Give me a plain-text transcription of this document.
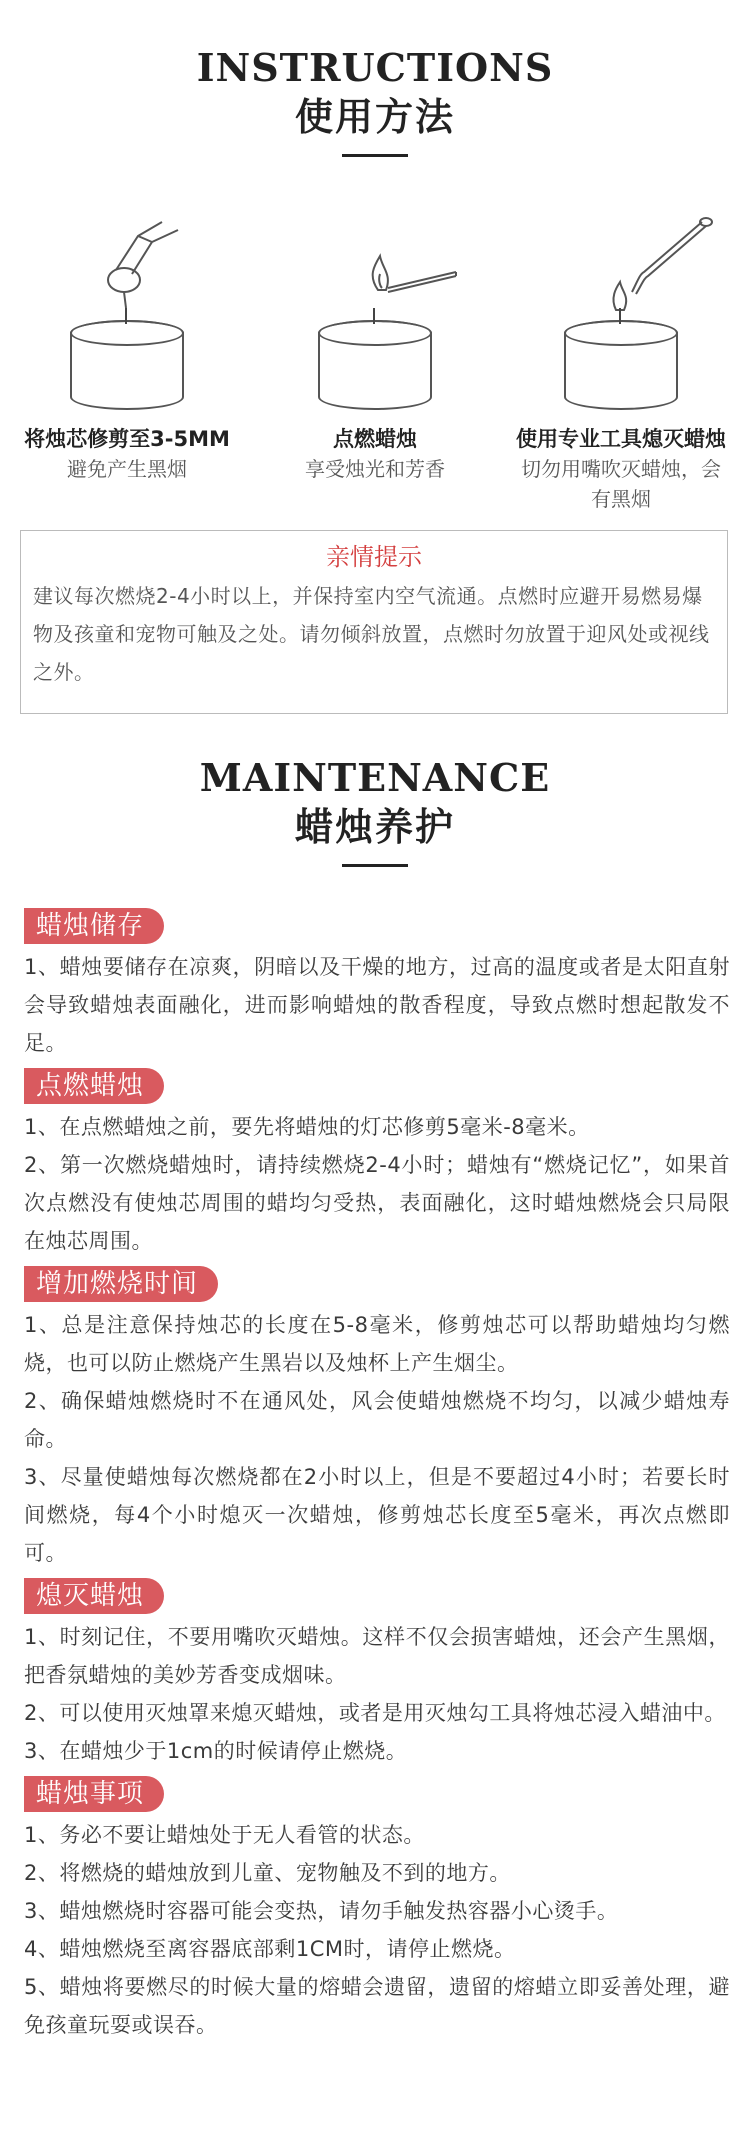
INSTRUCTIONS
使用方法
将烛芯修剪至3-5MM
避免产生黑烟
点燃蜡烛
享受烛光和芳香
使用专业工具熄灭蜡烛
切勿用嘴吹灭蜡烛，会有黑烟
亲情提示
建议每次燃烧2-4小时以上，并保持室内空气流通。点燃时应避开易燃易爆物及孩童和宠物可触及之处。请勿倾斜放置，点燃时勿放置于迎风处或视线之外。
MAINTENANCE
蜡烛养护
蜡烛储存
1、蜡烛要储存在凉爽，阴暗以及干燥的地方，过高的温度或者是太阳直射会导致蜡烛表面融化，进而影响蜡烛的散香程度，导致点燃时想起散发不足。
点燃蜡烛
1、在点燃蜡烛之前，要先将蜡烛的灯芯修剪5毫米-8毫米。
2、第一次燃烧蜡烛时，请持续燃烧2-4小时；蜡烛有“燃烧记忆”，如果首次点燃没有使烛芯周围的蜡均匀受热，表面融化，这时蜡烛燃烧会只局限在烛芯周围。
增加燃烧时间
1、总是注意保持烛芯的长度在5-8毫米，修剪烛芯可以帮助蜡烛均匀燃烧，也可以防止燃烧产生黑岩以及烛杯上产生烟尘。
2、确保蜡烛燃烧时不在通风处，风会使蜡烛燃烧不均匀，以减少蜡烛寿命。
3、尽量使蜡烛每次燃烧都在2小时以上，但是不要超过4小时；若要长时间燃烧，每4个小时熄灭一次蜡烛，修剪烛芯长度至5毫米，再次点燃即可。
熄灭蜡烛
1、时刻记住，不要用嘴吹灭蜡烛。这样不仅会损害蜡烛，还会产生黑烟，把香氛蜡烛的美妙芳香变成烟味。
2、可以使用灭烛罩来熄灭蜡烛，或者是用灭烛勾工具将烛芯浸入蜡油中。
3、在蜡烛少于1cm的时候请停止燃烧。
蜡烛事项
1、务必不要让蜡烛处于无人看管的状态。
2、将燃烧的蜡烛放到儿童、宠物触及不到的地方。
3、蜡烛燃烧时容器可能会变热，请勿手触发热容器小心烫手。
4、蜡烛燃烧至离容器底部剩1CM时，请停止燃烧。
5、蜡烛将要燃尽的时候大量的熔蜡会遗留，遗留的熔蜡立即妥善处理，避免孩童玩耍或误吞。
